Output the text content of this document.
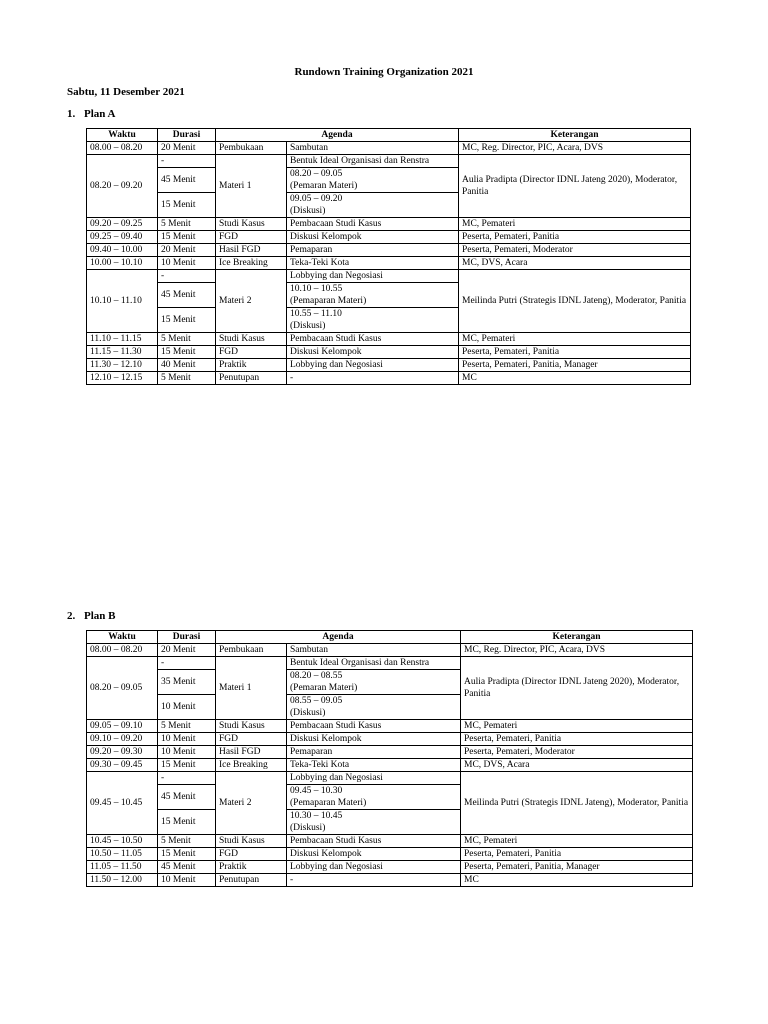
Rundown Training Organization 2021
Sabtu, 11 Desember 2021
1. Plan A
Waktu	Durasi	Agenda		Keterangan
08.00 – 08.20	20 Menit	Pembukaan	Sambutan	MC, Reg. Director, PIC, Acara, DVS
08.20 – 09.20	-	Materi 1	Bentuk Ideal Organisasi dan Renstra	Aulia Pradipta (Director IDNL Jateng 2020), Moderator, Panitia
	45 Menit		08.20 – 09.05
(Pemaran Materi)	

	15 Menit		09.05 – 09.20
(Diskusi)	

09.20 – 09.25	5 Menit	Studi Kasus	Pembacaan Studi Kasus	MC, Pemateri
09.25 – 09.40	15 Menit	FGD	Diskusi Kelompok	Peserta, Pemateri, Panitia
09.40 – 10.00	20 Menit	Hasil FGD	Pemaparan	Peserta, Pemateri, Moderator
10.00 – 10.10	10 Menit	Ice Breaking	Teka-Teki Kota	MC, DVS, Acara
10.10 – 11.10	-	Materi 2	Lobbying dan Negosiasi	Meilinda Putri (Strategis IDNL Jateng), Moderator, Panitia
	45 Menit		10.10 – 10.55
(Pemaparan Materi)	

	15 Menit		10.55 – 11.10
(Diskusi)	

11.10 – 11.15	5 Menit	Studi Kasus	Pembacaan Studi Kasus	MC, Pemateri
11.15 – 11.30	15 Menit	FGD	Diskusi Kelompok	Peserta, Pemateri, Panitia
11.30 – 12.10	40 Menit	Praktik	Lobbying dan Negosiasi	Peserta, Pemateri, Panitia, Manager
12.10 – 12.15	5 Menit	Penutupan	-	MC
2. Plan B
Waktu	Durasi	Agenda		Keterangan
08.00 – 08.20	20 Menit	Pembukaan	Sambutan	MC, Reg. Director, PIC, Acara, DVS
08.20 – 09.05	-	Materi 1	Bentuk Ideal Organisasi dan Renstra	Aulia Pradipta (Director IDNL Jateng 2020), Moderator, Panitia
	35 Menit		08.20 – 08.55
(Pemaran Materi)	

	10 Menit		08.55 – 09.05
(Diskusi)	

09.05 – 09.10	5 Menit	Studi Kasus	Pembacaan Studi Kasus	MC, Pemateri
09.10 – 09.20	10 Menit	FGD	Diskusi Kelompok	Peserta, Pemateri, Panitia
09.20 – 09.30	10 Menit	Hasil FGD	Pemaparan	Peserta, Pemateri, Moderator
09.30 – 09.45	15 Menit	Ice Breaking	Teka-Teki Kota	MC, DVS, Acara
09.45 – 10.45	-	Materi 2	Lobbying dan Negosiasi	Meilinda Putri (Strategis IDNL Jateng), Moderator, Panitia
	45 Menit		09.45 – 10.30
(Pemaparan Materi)	

	15 Menit		10.30 – 10.45
(Diskusi)	

10.45 – 10.50	5 Menit	Studi Kasus	Pembacaan Studi Kasus	MC, Pemateri
10.50 – 11.05	15 Menit	FGD	Diskusi Kelompok	Peserta, Pemateri, Panitia
11.05 – 11.50	45 Menit	Praktik	Lobbying dan Negosiasi	Peserta, Pemateri, Panitia, Manager
11.50 – 12.00	10 Menit	Penutupan	-	MC
